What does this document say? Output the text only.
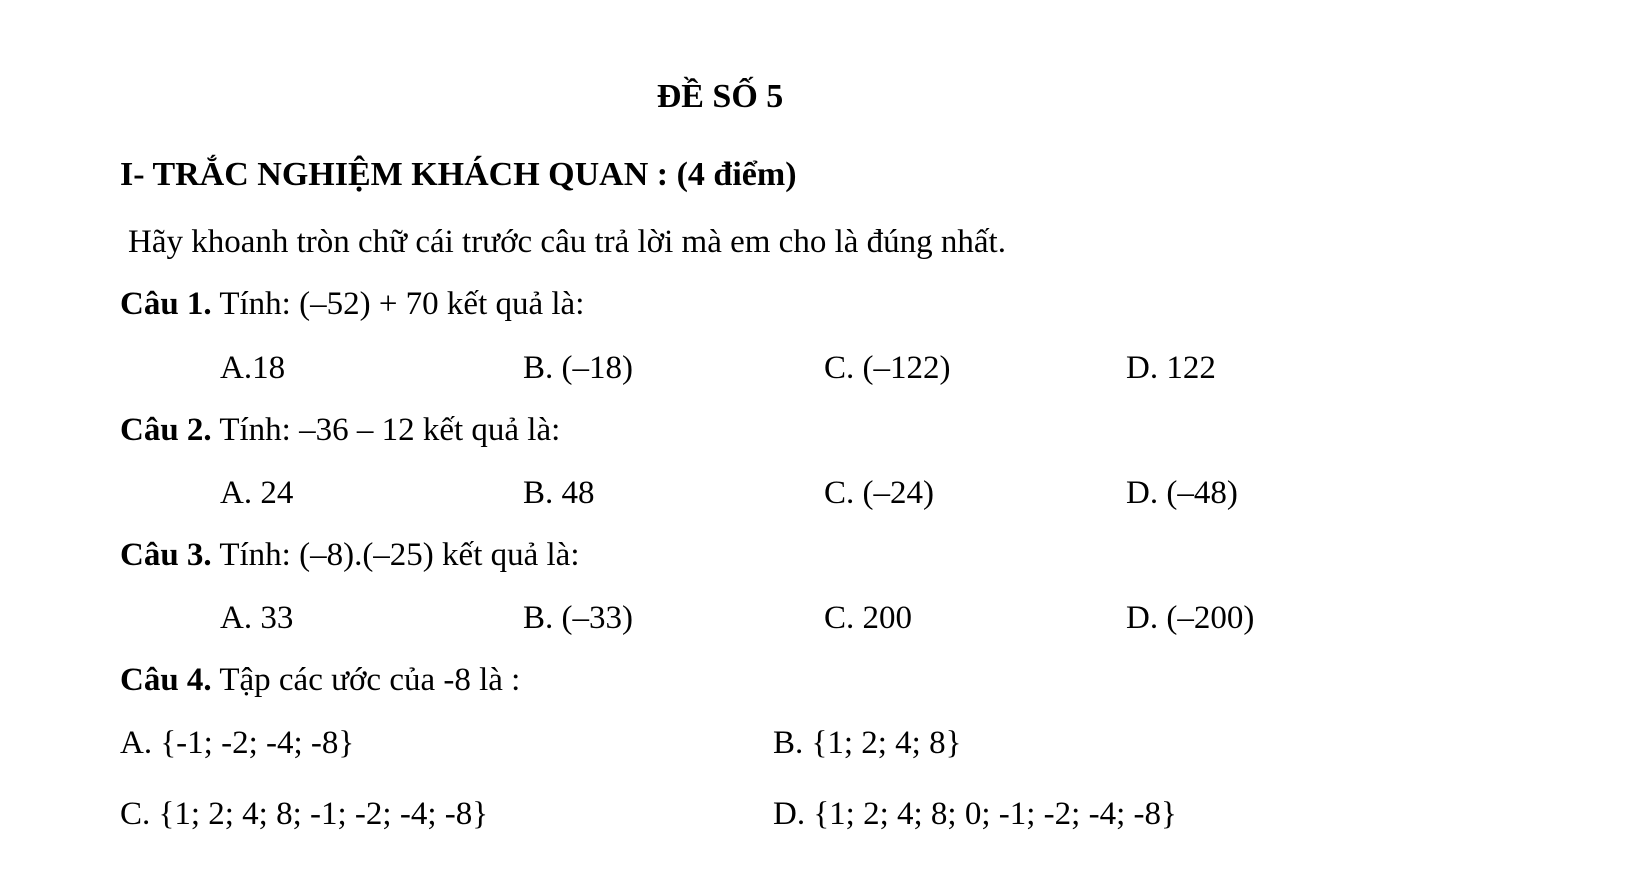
ĐỀ SỐ 5
I- TRẮC NGHIỆM KHÁCH QUAN : (4 điểm)
Hãy khoanh tròn chữ cái trước câu trả lời mà em cho là đúng nhất.
Câu 1. Tính: (–52) + 70 kết quả là:
A.18	B. (–18)	C. (–122)	D. 122
Câu 2. Tính: –36 – 12 kết quả là:
A. 24	B. 48	C. (–24)	D. (–48)
Câu 3. Tính: (–8).(–25) kết quả là:
A. 33	B. (–33)	C. 200	D. (–200)
Câu 4. Tập các ước của -8 là :
A. {-1; -2; -4; -8}	B. {1; 2; 4; 8}
C. {1; 2; 4; 8; -1; -2; -4; -8}	D. {1; 2; 4; 8; 0; -1; -2; -4; -8}
